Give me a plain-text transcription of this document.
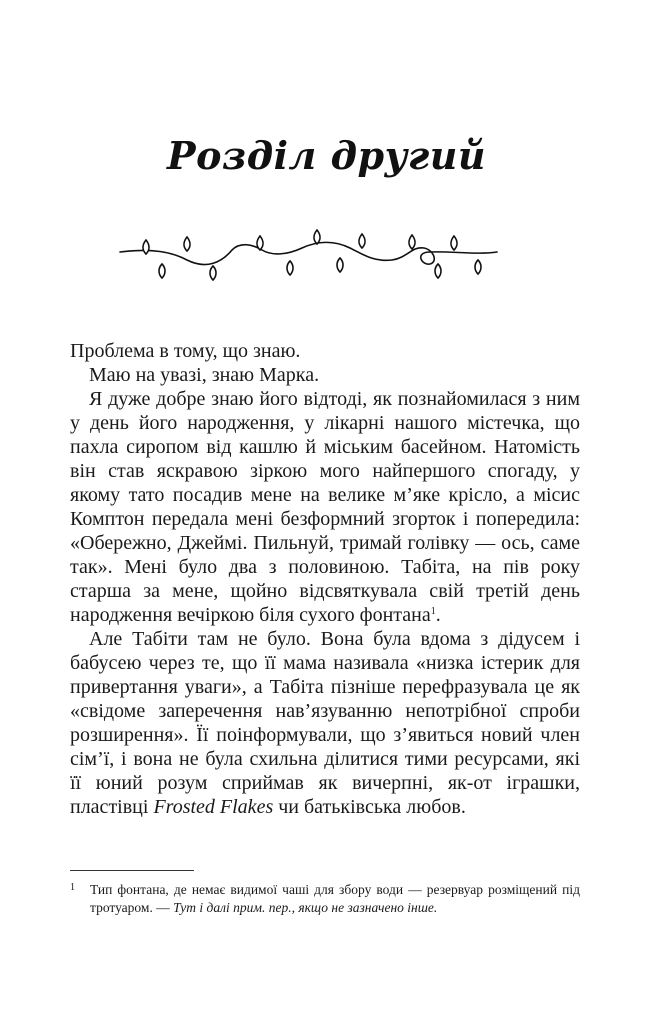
Розділ другий

Проблема в тому, що знаю.

Маю на увазі, знаю Марка.

Я дуже добре знаю його відтоді, як познайомилася з ним у день його народження, у лікарні нашого містечка, що пахла сиропом від кашлю й міським басейном. Натомість він став яскравою зіркою мого найпершого спогаду, у якому тато посадив мене на велике м’яке крісло, а місис Комптон передала мені безформний згорток і попередила: «Обережно, Джеймі. Пильнуй, тримай голівку — ось, саме так». Мені було два з половиною. Табіта, на пів року старша за мене, щойно відсвяткувала свій третій день народження вечіркою біля сухого фонтана$^1$.

Але Табіти там не було. Вона була вдома з дідусем і бабусею через те, що її мама називала «низка істерик для привертання уваги», а Табіта пізніше перефразувала це як «свідоме заперечення нав’язуванню непотрібної спроби розширення». Її поінформували, що з’явиться новий член сім’ї, і вона не була схильна ділитися тими ресурсами, які її юний розум сприймав як вичерпні, як-от іграшки, пластівці Frosted Flakes чи батьківська любов.

1	Тип фонтана, де немає видимої чаші для збору води — резервуар розміщений під тротуаром. — Тут і далі прим. пер., якщо не зазначено інше.
